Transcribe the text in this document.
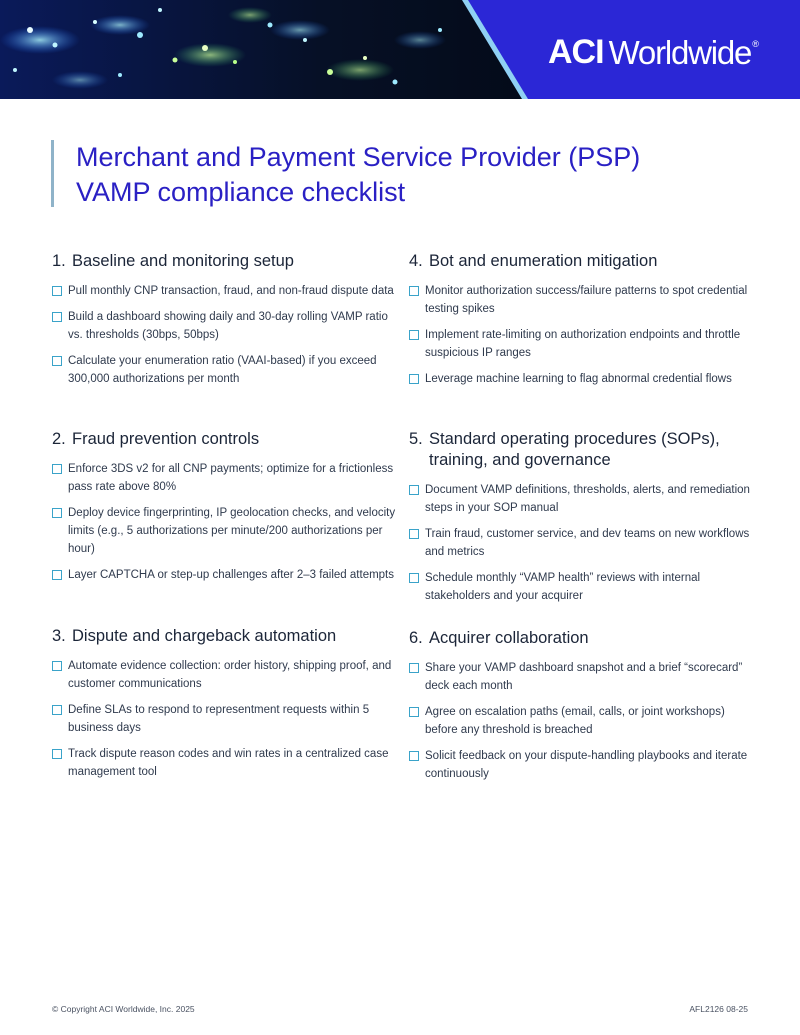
ACI Worldwide ®
Merchant and Payment Service Provider (PSP)
VAMP compliance checklist
1. Baseline and monitoring setup
Pull monthly CNP transaction, fraud, and non-fraud dispute data
Build a dashboard showing daily and 30-day rolling VAMP ratio vs. thresholds (30bps, 50bps)
Calculate your enumeration ratio (VAAI-based) if you exceed 300,000 authorizations per month
2. Fraud prevention controls
Enforce 3DS v2 for all CNP payments; optimize for a frictionless pass rate above 80%
Deploy device fingerprinting, IP geolocation checks, and velocity limits (e.g., 5 authorizations per minute/200 authorizations per hour)
Layer CAPTCHA or step-up challenges after 2–3 failed attempts
3. Dispute and chargeback automation
Automate evidence collection: order history, shipping proof, and customer communications
Define SLAs to respond to representment requests within 5 business days
Track dispute reason codes and win rates in a centralized case management tool
4. Bot and enumeration mitigation
Monitor authorization success/failure patterns to spot credential testing spikes
Implement rate-limiting on authorization endpoints and throttle suspicious IP ranges
Leverage machine learning to flag abnormal credential flows
5. Standard operating procedures (SOPs), training, and governance
Document VAMP definitions, thresholds, alerts, and remediation steps in your SOP manual
Train fraud, customer service, and dev teams on new workflows and metrics
Schedule monthly “VAMP health” reviews with internal stakeholders and your acquirer
6. Acquirer collaboration
Share your VAMP dashboard snapshot and a brief “scorecard” deck each month
Agree on escalation paths (email, calls, or joint workshops) before any threshold is breached
Solicit feedback on your dispute-handling playbooks and iterate continuously
© Copyright ACI Worldwide, Inc. 2025	AFL2126 08-25
